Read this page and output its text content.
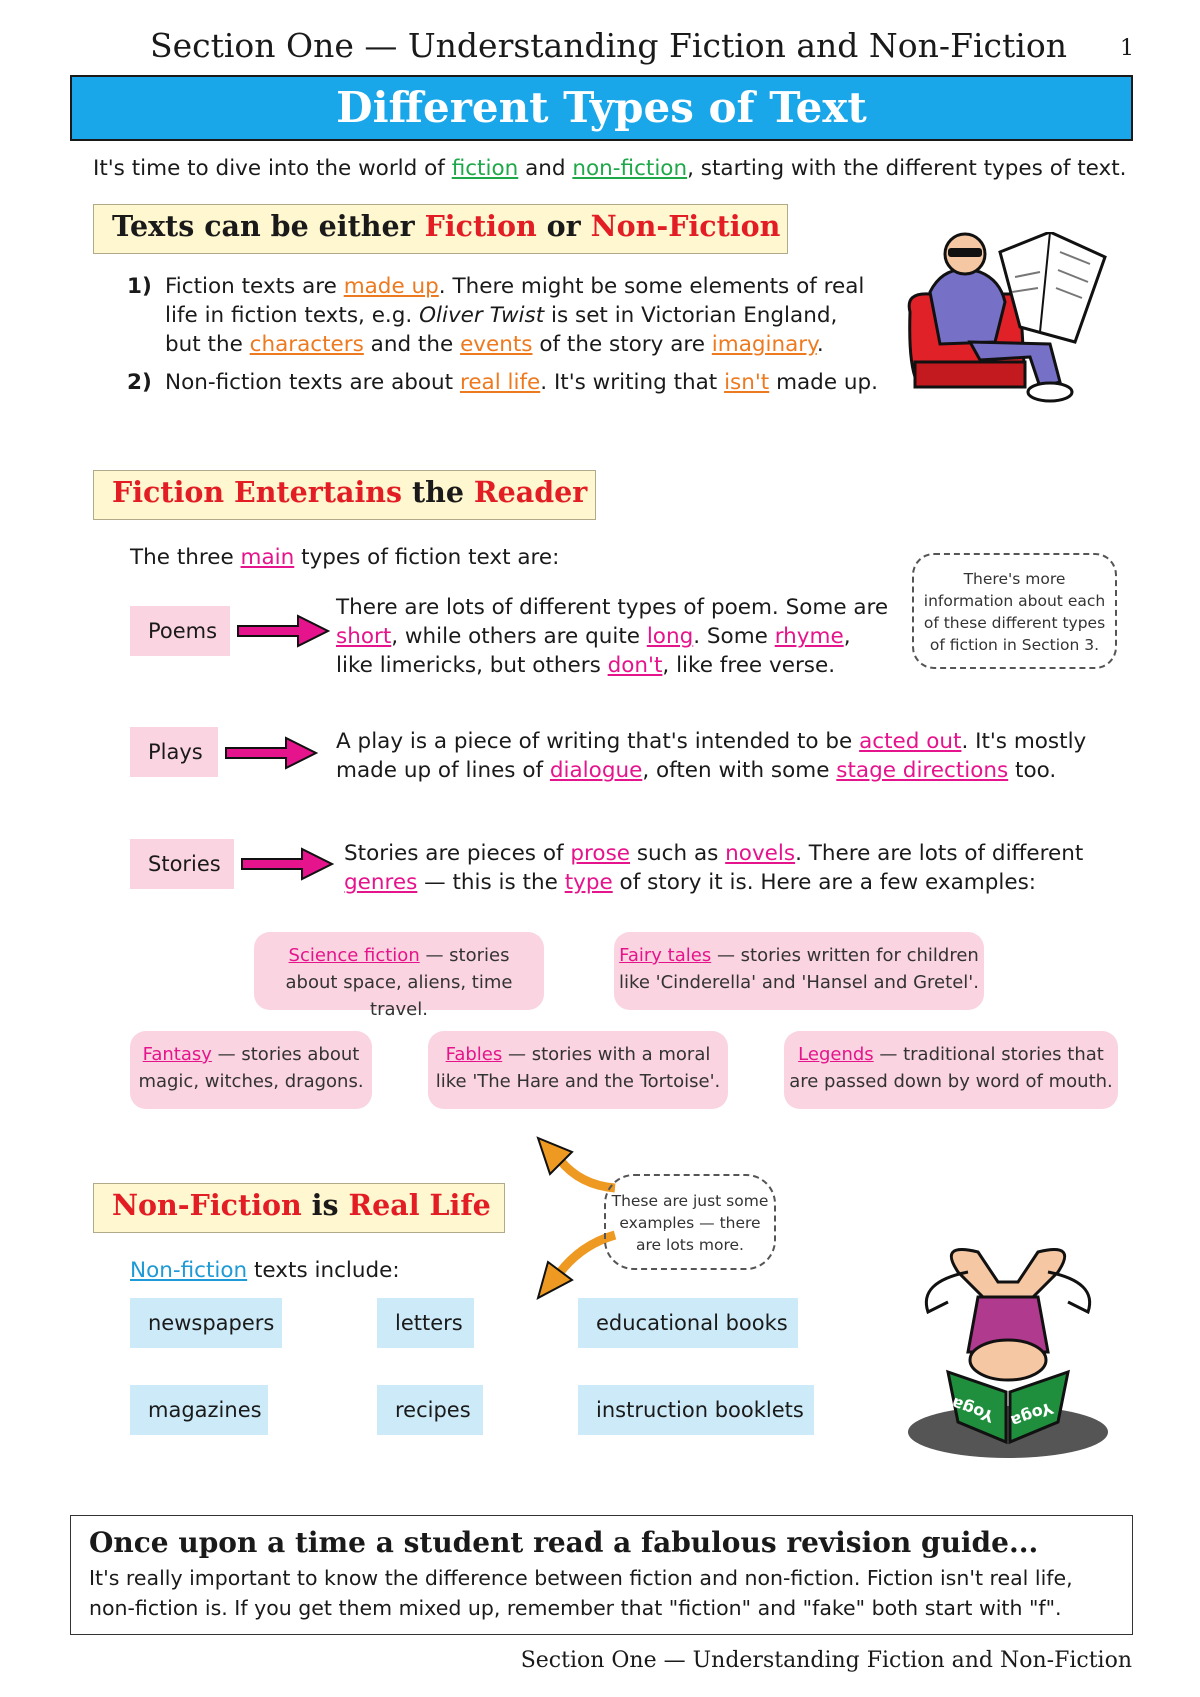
Section One — Understanding Fiction and Non-Fiction 1
Different Types of Text
It's time to dive into the world of fiction and non-fiction, starting with the different types of text.
Texts can be either Fiction or Non-Fiction
1) Fiction texts are made up. There might be some elements of real
life in fiction texts, e.g. Oliver Twist is set in Victorian England,
but the characters and the events of the story are imaginary.
2) Non-fiction texts are about real life. It's writing that isn't made up.
Fiction Entertains the Reader
The three main types of fiction text are:
There's more
information about each
of these different types
of fiction in Section 3.
Poems
There are lots of different types of poem. Some are
short, while others are quite long. Some rhyme,
like limericks, but others don't, like free verse.
Plays	A play is a piece of writing that's intended to be acted out. It's mostly
made up of lines of dialogue, often with some stage directions too.
Stories	Stories are pieces of prose such as novels. There are lots of different
genres — this is the type of story it is. Here are a few examples:
Science fiction — stories
about space, aliens, time travel.
Fairy tales — stories written for children
like 'Cinderella' and 'Hansel and Gretel'.
Fantasy — stories about
magic, witches, dragons.
Fables — stories with a moral
like 'The Hare and the Tortoise'.
Legends — traditional stories that
are passed down by word of mouth.
These are just some
examples — there
are lots more.
Non-Fiction is Real Life
Non-fiction texts include:
newspapers	letters	educational books
magazines	recipes	instruction booklets	Yoga Yoga
Once upon a time a student read a fabulous revision guide...
It's really important to know the difference between fiction and non-fiction. Fiction isn't real life,
non-fiction is. If you get them mixed up, remember that "fiction" and "fake" both start with "f".
Section One — Understanding Fiction and Non-Fiction
